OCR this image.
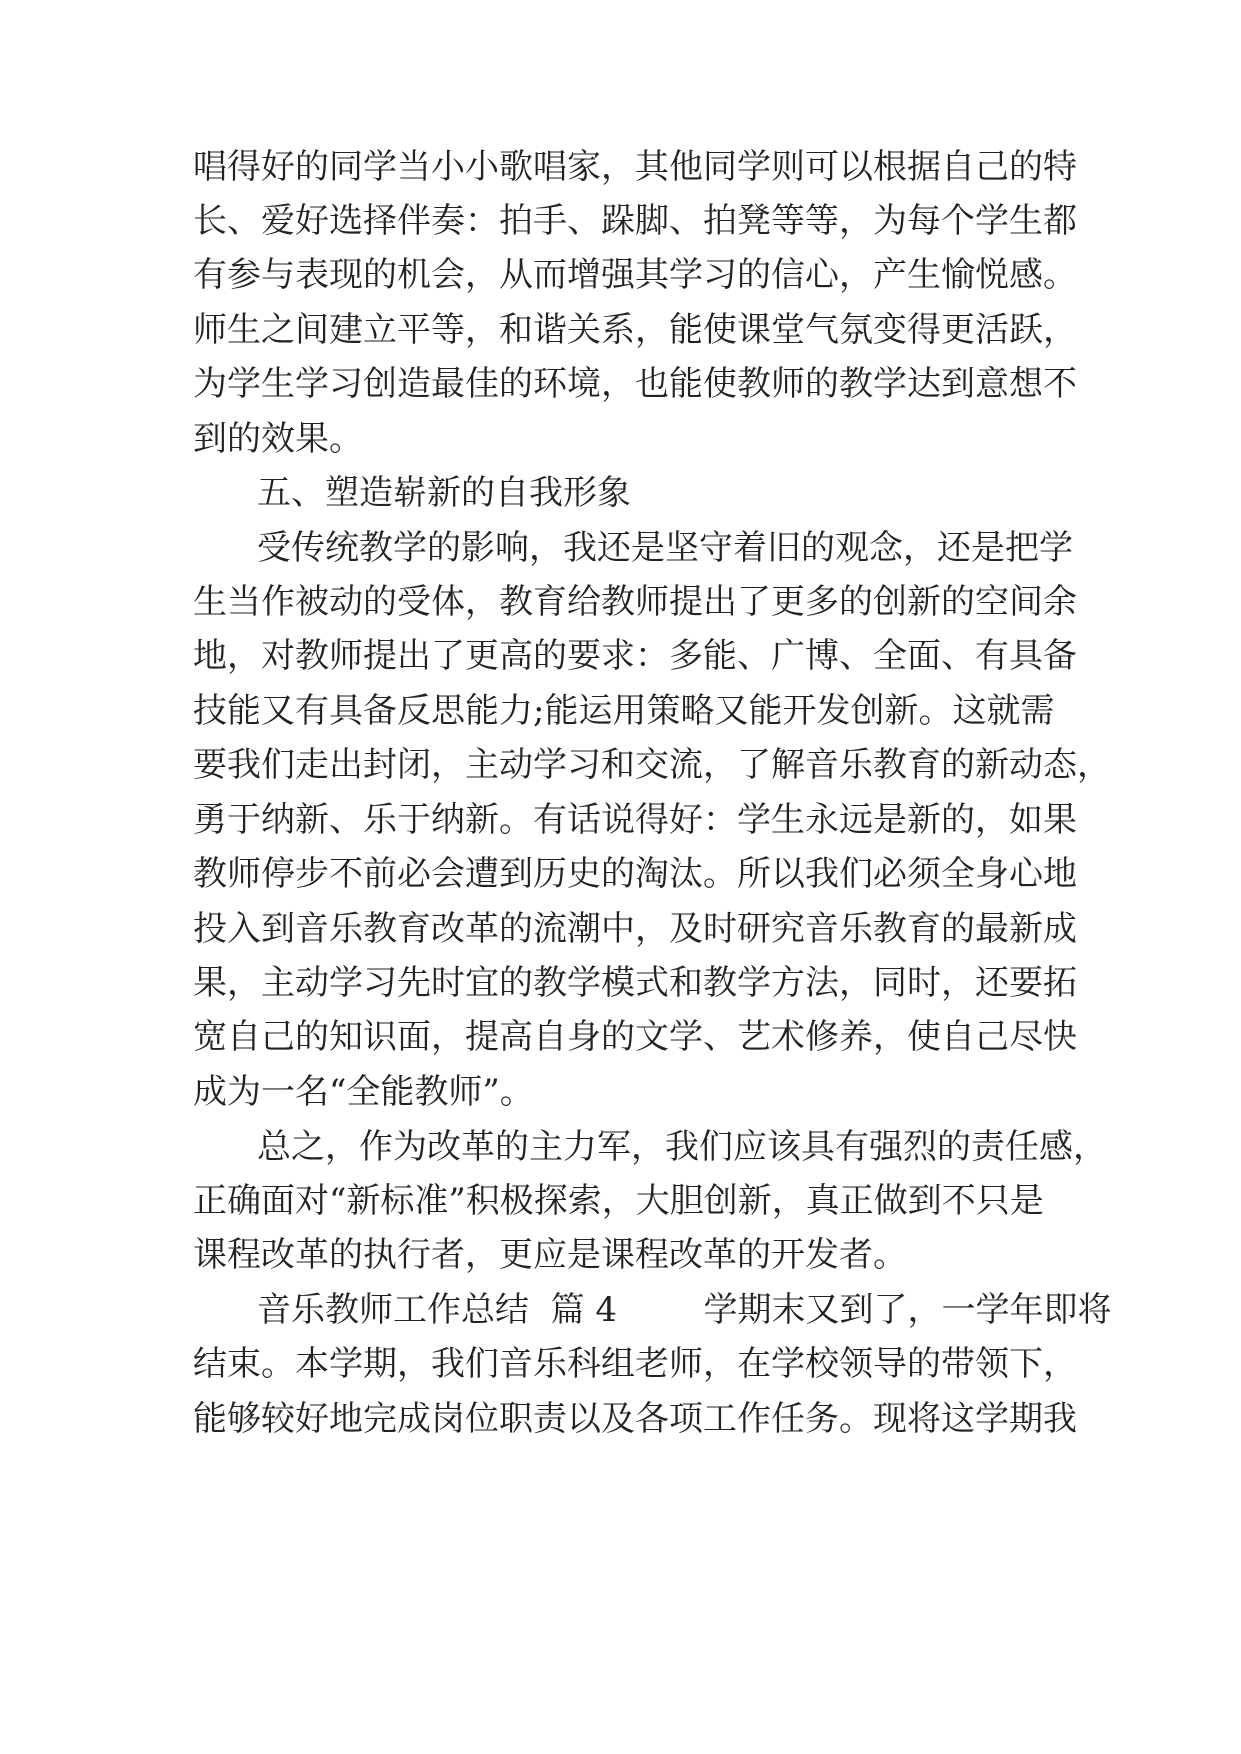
唱得好的同学当小小歌唱家，其他同学则可以根据自己的特
长、爱好选择伴奏：拍手、跺脚、拍凳等等，为每个学生都
有参与表现的机会，从而增强其学习的信心，产生愉悦感。
师生之间建立平等，和谐关系，能使课堂气氛变得更活跃，
为学生学习创造最佳的环境，也能使教师的教学达到意想不
到的效果。
五、塑造崭新的自我形象
受传统教学的影响，我还是坚守着旧的观念，还是把学
生当作被动的受体，教育给教师提出了更多的创新的空间余
地，对教师提出了更高的要求：多能、广博、全面、有具备
技能又有具备反思能力;能运用策略又能开发创新。这就需
要我们走出封闭，主动学习和交流，了解音乐教育的新动态，
勇于纳新、乐于纳新。有话说得好：学生永远是新的，如果
教师停步不前必会遭到历史的淘汰。所以我们必须全身心地
投入到音乐教育改革的流潮中，及时研究音乐教育的最新成
果，主动学习先时宜的教学模式和教学方法，同时，还要拓
宽自己的知识面，提高自身的文学、艺术修养，使自己尽快
成为一名“全能教师”。
总之，作为改革的主力军，我们应该具有强烈的责任感，
正确面对“新标准”积极探索，大胆创新，真正做到不只是
课程改革的执行者，更应是课程改革的开发者。
音乐教师工作总结  篇 4        学期末又到了，一学年即将
结束。本学期，我们音乐科组老师，在学校领导的带领下，
能够较好地完成岗位职责以及各项工作任务。现将这学期我
